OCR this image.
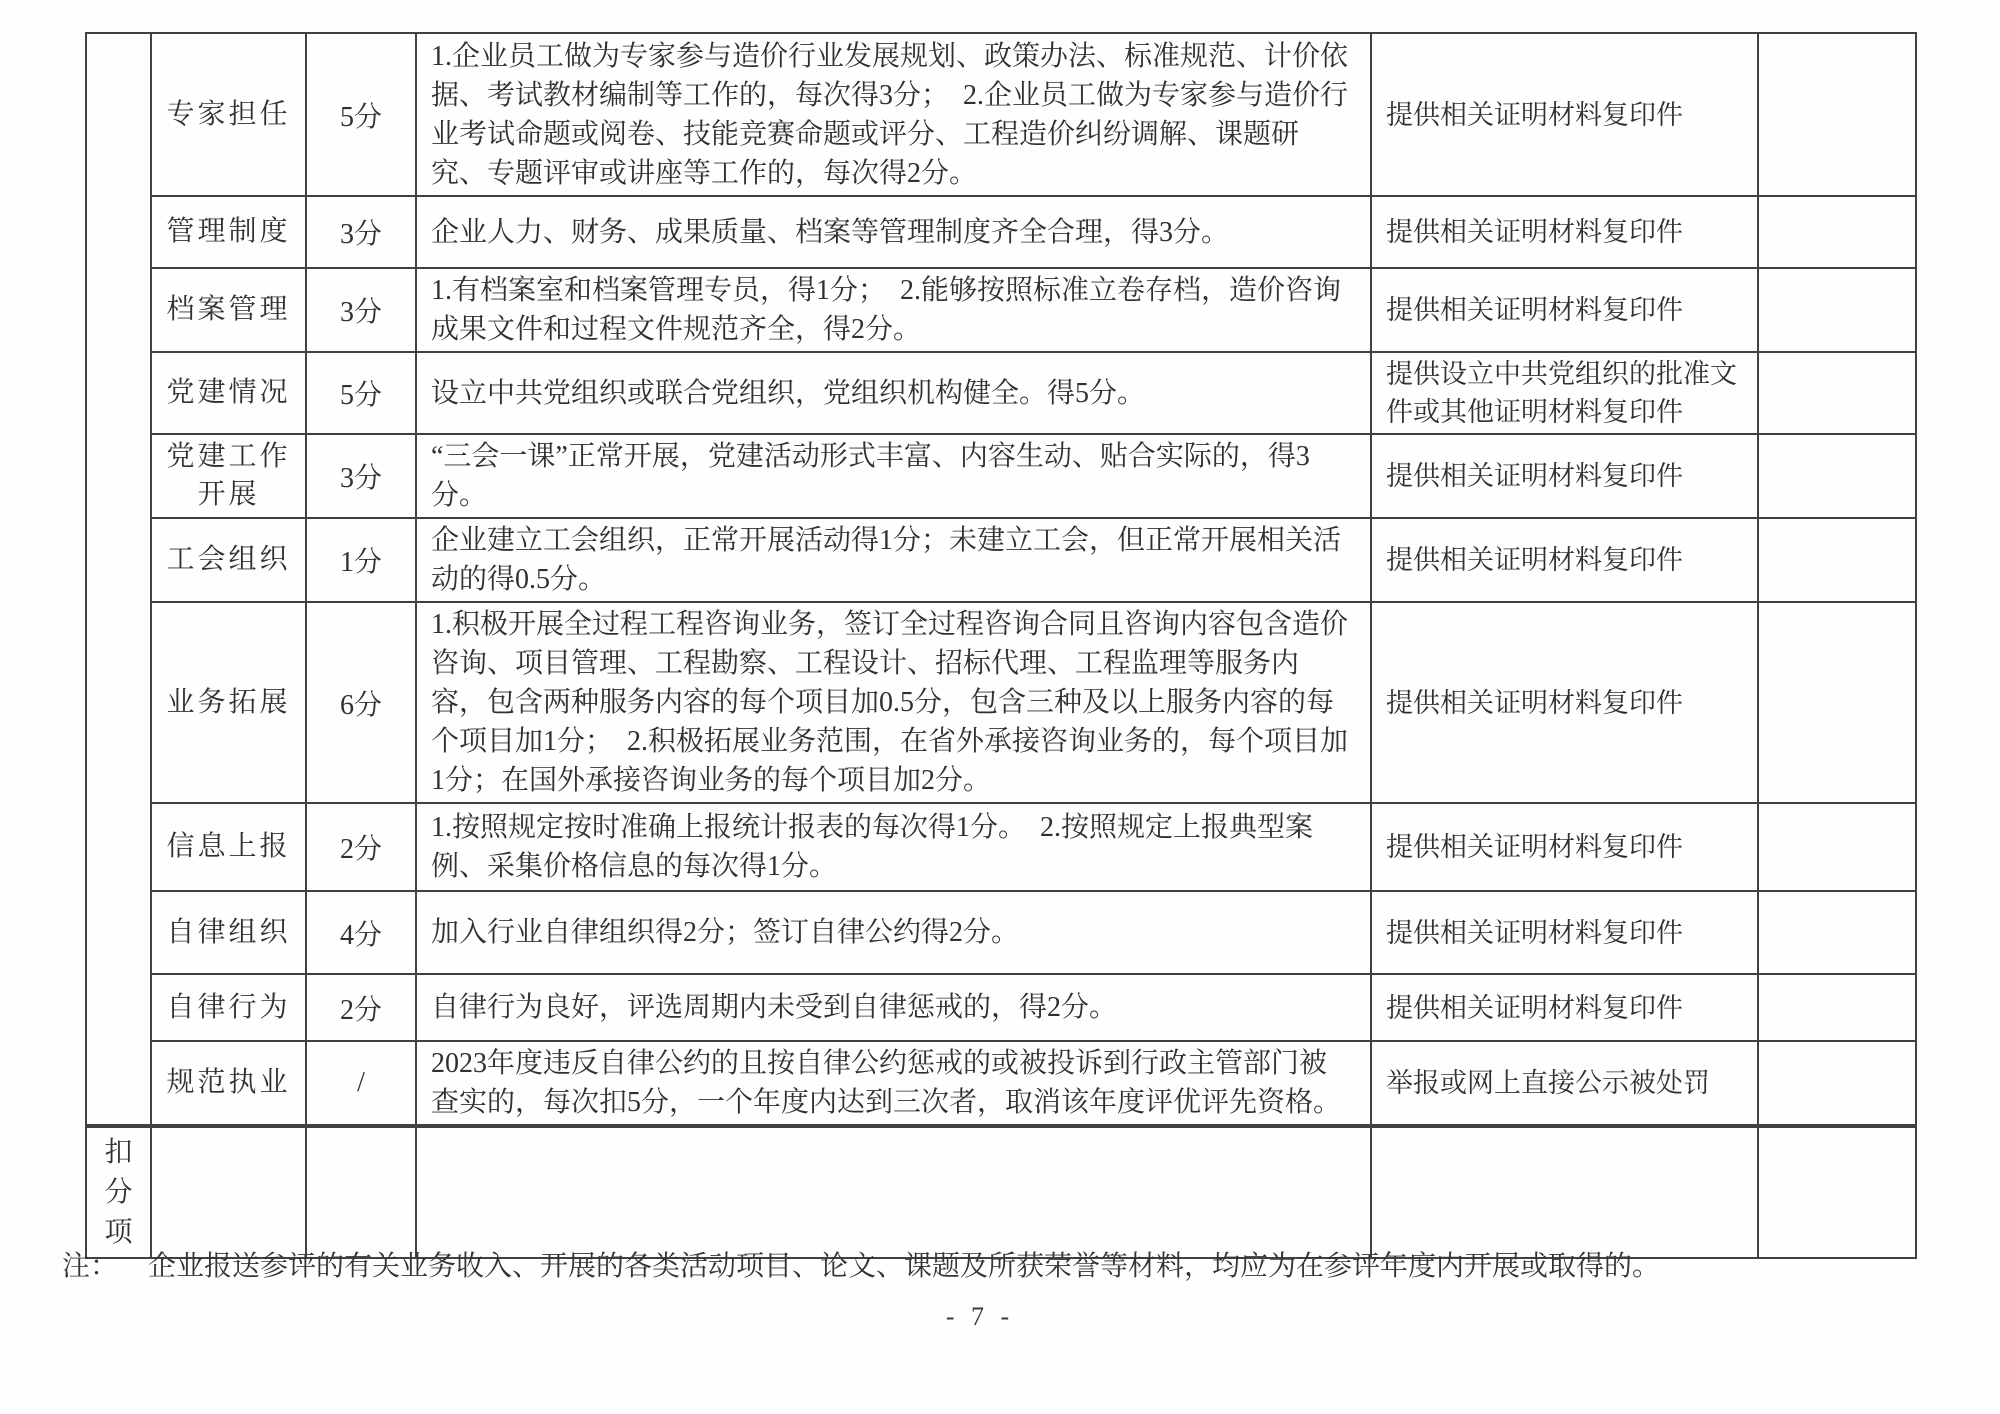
	专家担任	5分	1.企业员工做为专家参与造价行业发展规划、政策办法、标准规范、计价依据、考试教材编制等工作的，每次得3分；　2.企业员工做为专家参与造价行业考试命题或阅卷、技能竞赛命题或评分、工程造价纠纷调解、课题研究、专题评审或讲座等工作的，每次得2分。	提供相关证明材料复印件	
	管理制度	3分	企业人力、财务、成果质量、档案等管理制度齐全合理，得3分。	提供相关证明材料复印件	
	档案管理	3分	1.有档案室和档案管理专员，得1分；　2.能够按照标准立卷存档，造价咨询成果文件和过程文件规范齐全，得2分。	提供相关证明材料复印件	
	党建情况	5分	设立中共党组织或联合党组织，党组织机构健全。得5分。	提供设立中共党组织的批准文件或其他证明材料复印件	
	党建工作开展	3分	“三会一课”正常开展，党建活动形式丰富、内容生动、贴合实际的，得3分。	提供相关证明材料复印件	
	工会组织	1分	企业建立工会组织，正常开展活动得1分；未建立工会，但正常开展相关活动的得0.5分。	提供相关证明材料复印件	
	业务拓展	6分	1.积极开展全过程工程咨询业务，签订全过程咨询合同且咨询内容包含造价咨询、项目管理、工程勘察、工程设计、招标代理、工程监理等服务内容，包含两种服务内容的每个项目加0.5分，包含三种及以上服务内容的每个项目加1分；　2.积极拓展业务范围，在省外承接咨询业务的，每个项目加1分；在国外承接咨询业务的每个项目加2分。	提供相关证明材料复印件	
	信息上报	2分	1.按照规定按时准确上报统计报表的每次得1分。　2.按照规定上报典型案例、采集价格信息的每次得1分。	提供相关证明材料复印件	
	自律组织	4分	加入行业自律组织得2分；签订自律公约得2分。	提供相关证明材料复印件	
	自律行为	2分	自律行为良好，评选周期内未受到自律惩戒的，得2分。	提供相关证明材料复印件	
	规范执业	/	2023年度违反自律公约的且按自律公约惩戒的或被投诉到行政主管部门被查实的，每次扣5分，一个年度内达到三次者，取消该年度评优评先资格。	举报或网上直接公示被处罚	
扣分项					
注： 企业报送参评的有关业务收入、开展的各类活动项目、论文、课题及所获荣誉等材料，均应为在参评年度内开展或取得的。
- 7 -
